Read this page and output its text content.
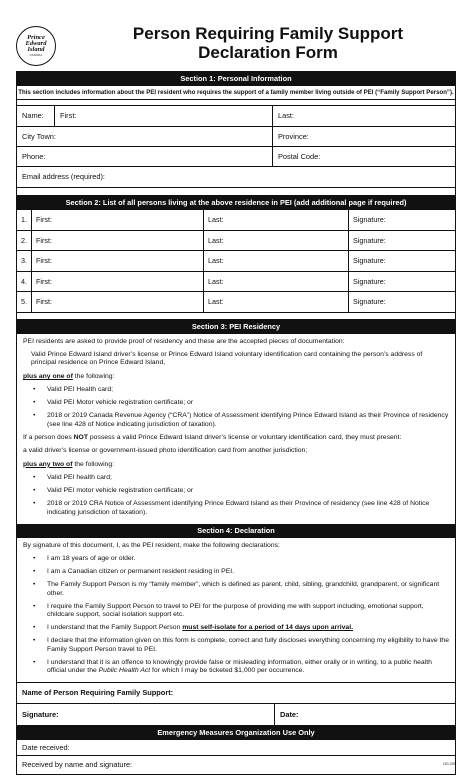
Prince
Edward
Island
CANADA
Person Requiring Family Support
Declaration Form
Section 1: Personal Information
This section includes information about the PEI resident who requires the support of a family member living outside of PEI (“Family Support Person”).
Name: First:	Last:
City Town:	Province:
Phone:	Postal Code:
Email address (required):
Section 2: List of all persons living at the above residence in PEI (add additional page if required)
1. First:	Last:	Signature:
2. First:	Last:	Signature:
3. First:	Last:	Signature:
4. First:	Last:	Signature:
5. First:	Last:	Signature:
Section 3: PEI Residency

PEI residents are asked to provide proof of residency and these are the accepted pieces of documentation:

Valid Prince Edward Island driver’s license or Prince Edward Island voluntary identification card containing the person’s address of principal residence on Prince Edward Island,

plus any one of the following:

• Valid PEI Health card;
• Valid PEI Motor vehicle registration certificate; or
• 2018 or 2019 Canada Revenue Agency (“CRA”) Notice of Assessment identifying Prince Edward Island as their Province of residency (see line 428 of Notice indicating jurisdiction of taxation).

If a person does NOT possess a valid Prince Edward Island driver’s license or voluntary identification card, they must present:

a valid driver’s license or government-issued photo identification card from another jurisdiction;

plus any two of the following:

• Valid PEI health card;
• Valid PEI motor vehicle registration certificate; or
• 2018 or 2019 CRA Notice of Assessment identifying Prince Edward Island as their Province of residency (see line 428 of Notice indicating jurisdiction of taxation).
Section 4: Declaration

By signature of this document, I, as the PEI resident, make the following declarations:

• I am 18 years of age or older.
• I am a Canadian citizen or permanent resident residing in PEI.
• The Family Support Person is my “family member”, which is defined as parent, child, sibling, grandchild, grandparent, or significant other.
• I require the Family Support Person to travel to PEI for the purpose of providing me with support including, emotional support, childcare support, social isolation support etc.
• I understand that the Family Support Person must self-isolate for a period of 14 days upon arrival.
• I declare that the information given on this form is complete, correct and fully discloses everything concerning my eligibility to have the Family Support Person travel to PEI.
• I understand that it is an offence to knowingly provide false or misleading information, either orally or in writing, to a public health official under the Public Health Act for which I may be ticketed $1,000 per occurrence.
Name of Person Requiring Family Support:
Signature:	Date:
Emergency Measures Organization Use Only
Date received:
Received by name and signature:	DG-205
